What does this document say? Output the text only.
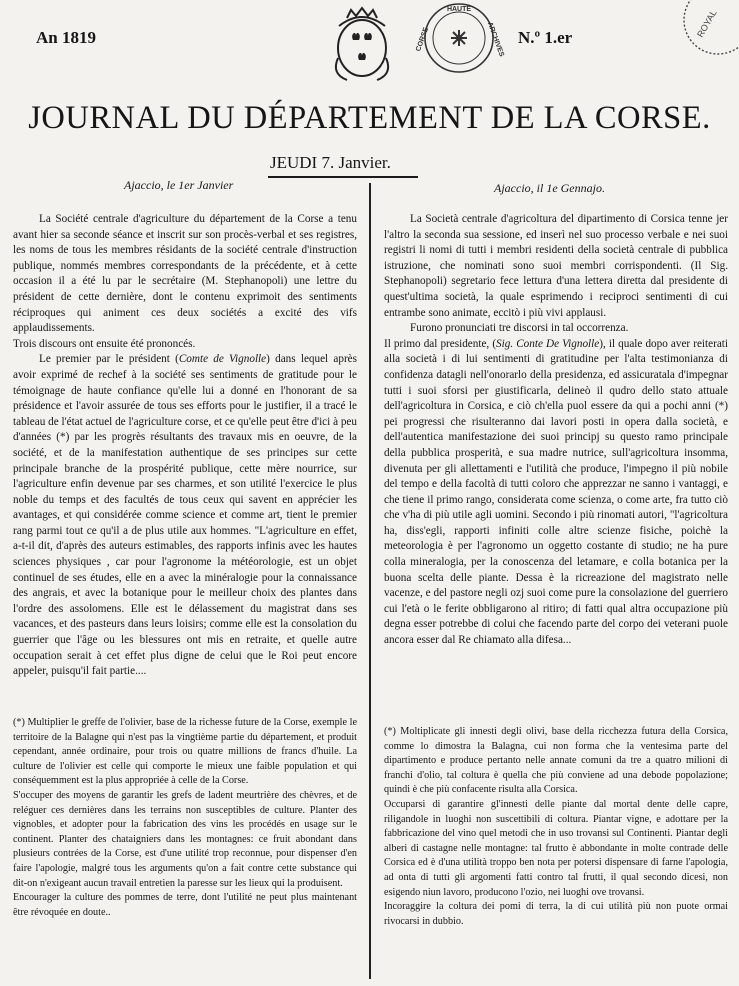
An 1819
HAUTE
CORSE	ARCHIVES N.º 1.er	ROYAL
JOURNAL DU DÉPARTEMENT DE LA CORSE.
JEUDI 7. Janvier.
Ajaccio, le 1er Janvier	Ajaccio, il 1e Gennajo.

La Société centrale d'agriculture du département de la Corse a tenu avant hier sa seconde séance et inscrit sur son procès-verbal et ses registres, les noms de tous les membres résidants de la société centrale d'instruction publique, nommés membres correspondants de la précédente, et à cette occasion il a été lu par le secrétaire (M. Stephanopoli) une lettre du président de cette dernière, dont le contenu exprimoit des sentiments réciproques qui animent ces deux sociétés a excité des vifs applaudissements.

Trois discours ont ensuite été prononcés.

Le premier par le président (Comte de Vignolle) dans lequel après avoir exprimé de rechef à la société ses sentiments de gratitude pour le témoignage de haute confiance qu'elle lui a donné en l'honorant de sa présidence et l'avoir assurée de tous ses efforts pour le justifier, il a tracé le tableau de l'état actuel de l'agriculture corse, et ce qu'elle peut être d'ici à peu d'années (*) par les progrès résultants des travaux mis en oeuvre, de la société, et de la manifestation authentique de ses principes sur cette principale branche de la prospérité publique, cette mère nourrice, sur l'agriculture enfin devenue par ses charmes, et son utilité l'exercice le plus noble du temps et des facultés de tous ceux qui savent en apprécier les avantages, et qui considérée comme science et comme art, tient le premier rang parmi tout ce qu'il a de plus utile aux hommes. "L'agriculture en effet, a-t-il dit, d'après des auteurs estimables, des rapports infinis avec les hautes sciences physiques , car pour l'agronome la météorologie, est un objet continuel de ses études, elle en a avec la minéralogie pour la connaissance des angrais, et avec la botanique pour le meilleur choix des plantes dans l'ordre des assolomens. Elle est le délassement du magistrat dans ses vacances, et des pasteurs dans leurs loisirs; comme elle est la consolation du guerrier que l'âge ou les blessures ont mis en retraite, et quelle autre occupation serait à cet effet plus digne de celui que le Roi peut encore appeler, puisqu'il fait partie....

(*) Multiplier le greffe de l'olivier, base de la richesse future de la Corse, exemple le territoire de la Balagne qui n'est pas la vingtième partie du département, et produit cependant, année ordinaire, pour trois ou quatre millions de francs d'huile. La culture de l'olivier est celle qui comporte le mieux une faible population et qui conséquemment est la plus appropriée à celle de la Corse.

S'occuper des moyens de garantir les grefs de ladent meurtrière des chèvres, et de reléguer ces dernières dans les terrains non susceptibles de culture. Planter des vignobles, et adopter pour la fabrication des vins les procédés en usage sur le continent. Planter des chataigniers dans les montagnes: ce fruit abondant dans plusieurs contrées de la Corse, est d'une utilité trop reconnue, pour dispenser d'en faire l'apologie, malgré tous les arguments qu'on a fait contre cette substance qui dit-on n'exigeant aucun travail entretien la paresse sur les lieux qui la produisent.

Encourager la culture des pommes de terre, dont l'utilité ne peut plus maintenant être révoquée en doute..

La Società centrale d'agricoltura del dipartimento di Corsica tenne jer l'altro la seconda sua sessione, ed inserì nel suo processo verbale e nei suoi registri li nomi di tutti i membri residenti della società centrale di pubblica istruzione, che nominati sono suoi membri corrispondenti. (Il Sig. Stephanopoli) segretario fece lettura d'una lettera diretta dal presidente di quest'ultima società, la quale esprimendo i reciproci sentimenti di cui entrambe sono animate, eccitò i più vivi applausi.

Furono pronunciati tre discorsi in tal occorrenza.

Il primo dal presidente, (Sig. Conte De Vignolle), il quale dopo aver reiterati alla società i di lui sentimenti di gratitudine per l'alta testimonianza di confidenza datagli nell'onorarlo della presidenza, ed assicuratala d'impegnar tutti i suoi sforsi per giustificarla, delineò il qudro dello stato attuale dell'agricoltura in Corsica, e ciò ch'ella puol essere da qui a pochi anni (*) pei progressi che risulteranno dai lavori posti in opera dalla società, e dell'autentica manifestazione dei suoi principj su questo ramo principale della pubblica prosperità, e sua madre nutrice, sull'agricoltura insomma, divenuta per gli allettamenti e l'utilità che produce, l'impegno il più nobile del tempo e della facoltà di tutti coloro che apprezzar ne sanno i vantaggi, e che tiene il primo rango, considerata come scienza, o come arte, fra tutto ciò che v'ha di più utile agli uomini. Secondo i più rinomati autori, "l'agricoltura ha, diss'egli, rapporti infiniti colle altre scienze fisiche, poichè la meteorologia è per l'agronomo un oggetto costante di studio; ne ha pure colla mineralogia, per la conoscenza del letamare, e colla botanica per la buona scelta delle piante. Dessa è la ricreazione del magistrato nelle vacenze, e del pastore negli ozj suoi come pure la consolazione del guerriero cui l'età o le ferite obbligarono al ritiro; di fatti qual altra occupazione più degna esser potrebbe di colui che facendo parte del corpo dei veterani puole ancora esser dal Re chiamato alla difesa...

(*) Moltiplicate gli innesti degli olivi, base della ricchezza futura della Corsica, comme lo dimostra la Balagna, cui non forma che la ventesima parte del dipartimento e produce pertanto nelle annate comuni da tre a quatro milioni di franchi d'olio, tal coltura è quella che più conviene ad una debode popolazione; quindi è che più confacente risulta alla Corsica.

Occuparsi di garantire gl'innesti delle piante dal mortal dente delle capre, riligandole in luoghi non suscettibili di coltura. Piantar vigne, e adottare per la fabbricazione del vino quel metodi che in uso trovansi sul Continenti. Piantar degli alberi di castagne nelle montagne: tal frutto è abbondante in molte contrade delle Corsica ed è d'una utilità troppo ben nota per potersi dispensare di farne l'apologia, ad onta di tutti gli argomenti fatti contro tal frutti, il qual secondo dicesi, non esigendo niun lavoro, producono l'ozio, nei luoghi ove trovansi.

Incoraggire la coltura dei pomi di terra, la di cui utilità più non puote ormai rivocarsi in dubbio.
